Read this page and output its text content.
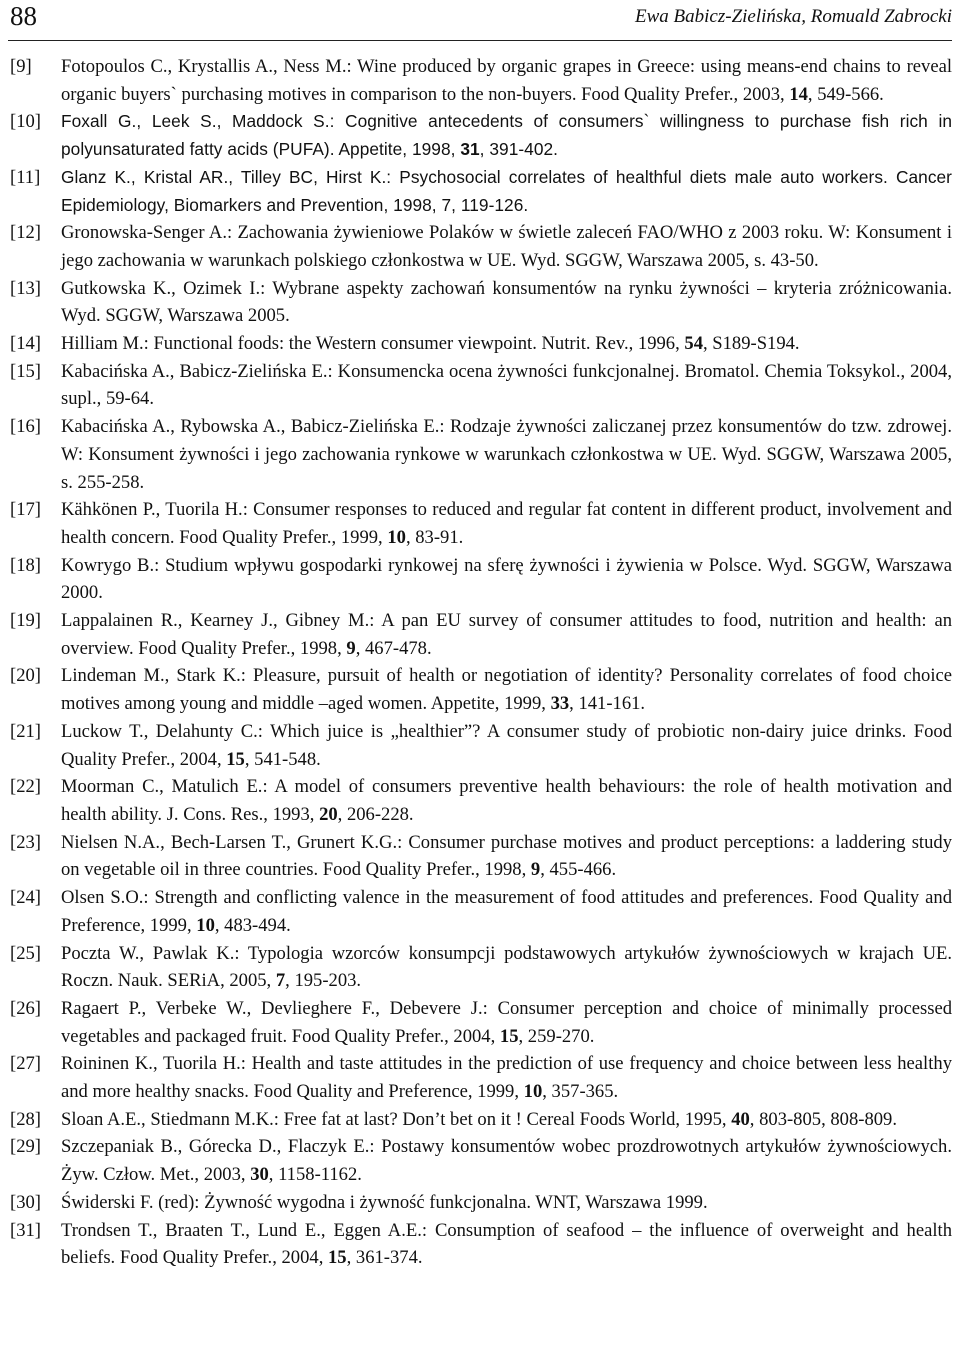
88	Ewa Babicz-Zielińska, Romuald Zabrocki
[9] Fotopoulos C., Krystallis A., Ness M.: Wine produced by organic grapes in Greece: using means-end chains to reveal organic buyers` purchasing motives in comparison to the non-buyers. Food Quality Prefer., 2003, 14, 549-566.
[10] Foxall G., Leek S., Maddock S.: Cognitive antecedents of consumers` willingness to purchase fish rich in polyunsaturated fatty acids (PUFA). Appetite, 1998, 31, 391-402.
[11] Glanz K., Kristal AR., Tilley BC, Hirst K.: Psychosocial correlates of healthful diets male auto workers. Cancer Epidemiology, Biomarkers and Prevention, 1998, 7, 119-126.
[12] Gronowska-Senger A.: Zachowania żywieniowe Polaków w świetle zaleceń FAO/WHO z 2003 roku. W: Konsument i jego zachowania w warunkach polskiego członkostwa w UE. Wyd. SGGW, Warszawa 2005, s. 43-50.
[13] Gutkowska K., Ozimek I.: Wybrane aspekty zachowań konsumentów na rynku żywności – kryteria zróżnicowania. Wyd. SGGW, Warszawa 2005.
[14] Hilliam M.: Functional foods: the Western consumer viewpoint. Nutrit. Rev., 1996, 54, S189-S194.
[15] Kabacińska A., Babicz-Zielińska E.: Konsumencka ocena żywności funkcjonalnej. Bromatol. Chemia Toksykol., 2004, supl., 59-64.
[16] Kabacińska A., Rybowska A., Babicz-Zielińska E.: Rodzaje żywności zaliczanej przez konsumentów do tzw. zdrowej. W: Konsument żywności i jego zachowania rynkowe w warunkach członkostwa w UE. Wyd. SGGW, Warszawa 2005, s. 255-258.
[17] Kähkönen P., Tuorila H.: Consumer responses to reduced and regular fat content in different product, involvement and health concern. Food Quality Prefer., 1999, 10, 83-91.
[18] Kowrygo B.: Studium wpływu gospodarki rynkowej na sferę żywności i żywienia w Polsce. Wyd. SGGW, Warszawa 2000.
[19] Lappalainen R., Kearney J., Gibney M.: A pan EU survey of consumer attitudes to food, nutrition and health: an overview. Food Quality Prefer., 1998, 9, 467-478.
[20] Lindeman M., Stark K.: Pleasure, pursuit of health or negotiation of identity? Personality correlates of food choice motives among young and middle –aged women. Appetite, 1999, 33, 141-161.
[21] Luckow T., Delahunty C.: Which juice is „healthier”? A consumer study of probiotic non-dairy juice drinks. Food Quality Prefer., 2004, 15, 541-548.
[22] Moorman C., Matulich E.: A model of consumers preventive health behaviours: the role of health motivation and health ability. J. Cons. Res., 1993, 20, 206-228.
[23] Nielsen N.A., Bech-Larsen T., Grunert K.G.: Consumer purchase motives and product perceptions: a laddering study on vegetable oil in three countries. Food Quality Prefer., 1998, 9, 455-466.
[24] Olsen S.O.: Strength and conflicting valence in the measurement of food attitudes and preferences. Food Quality and Preference, 1999, 10, 483-494.
[25] Poczta W., Pawlak K.: Typologia wzorców konsumpcji podstawowych artykułów żywnościowych w krajach UE. Roczn. Nauk. SERiA, 2005, 7, 195-203.
[26] Ragaert P., Verbeke W., Devlieghere F., Debevere J.: Consumer perception and choice of minimally processed vegetables and packaged fruit. Food Quality Prefer., 2004, 15, 259-270.
[27] Roininen K., Tuorila H.: Health and taste attitudes in the prediction of use frequency and choice between less healthy and more healthy snacks. Food Quality and Preference, 1999, 10, 357-365.
[28] Sloan A.E., Stiedmann M.K.: Free fat at last? Don’t bet on it ! Cereal Foods World, 1995, 40, 803-805, 808-809.
[29] Szczepaniak B., Górecka D., Flaczyk E.: Postawy konsumentów wobec prozdrowotnych artykułów żywnościowych. Żyw. Człow. Met., 2003, 30, 1158-1162.
[30] Świderski F. (red): Żywność wygodna i żywność funkcjonalna. WNT, Warszawa 1999.
[31] Trondsen T., Braaten T., Lund E., Eggen A.E.: Consumption of seafood – the influence of overweight and health beliefs. Food Quality Prefer., 2004, 15, 361-374.
